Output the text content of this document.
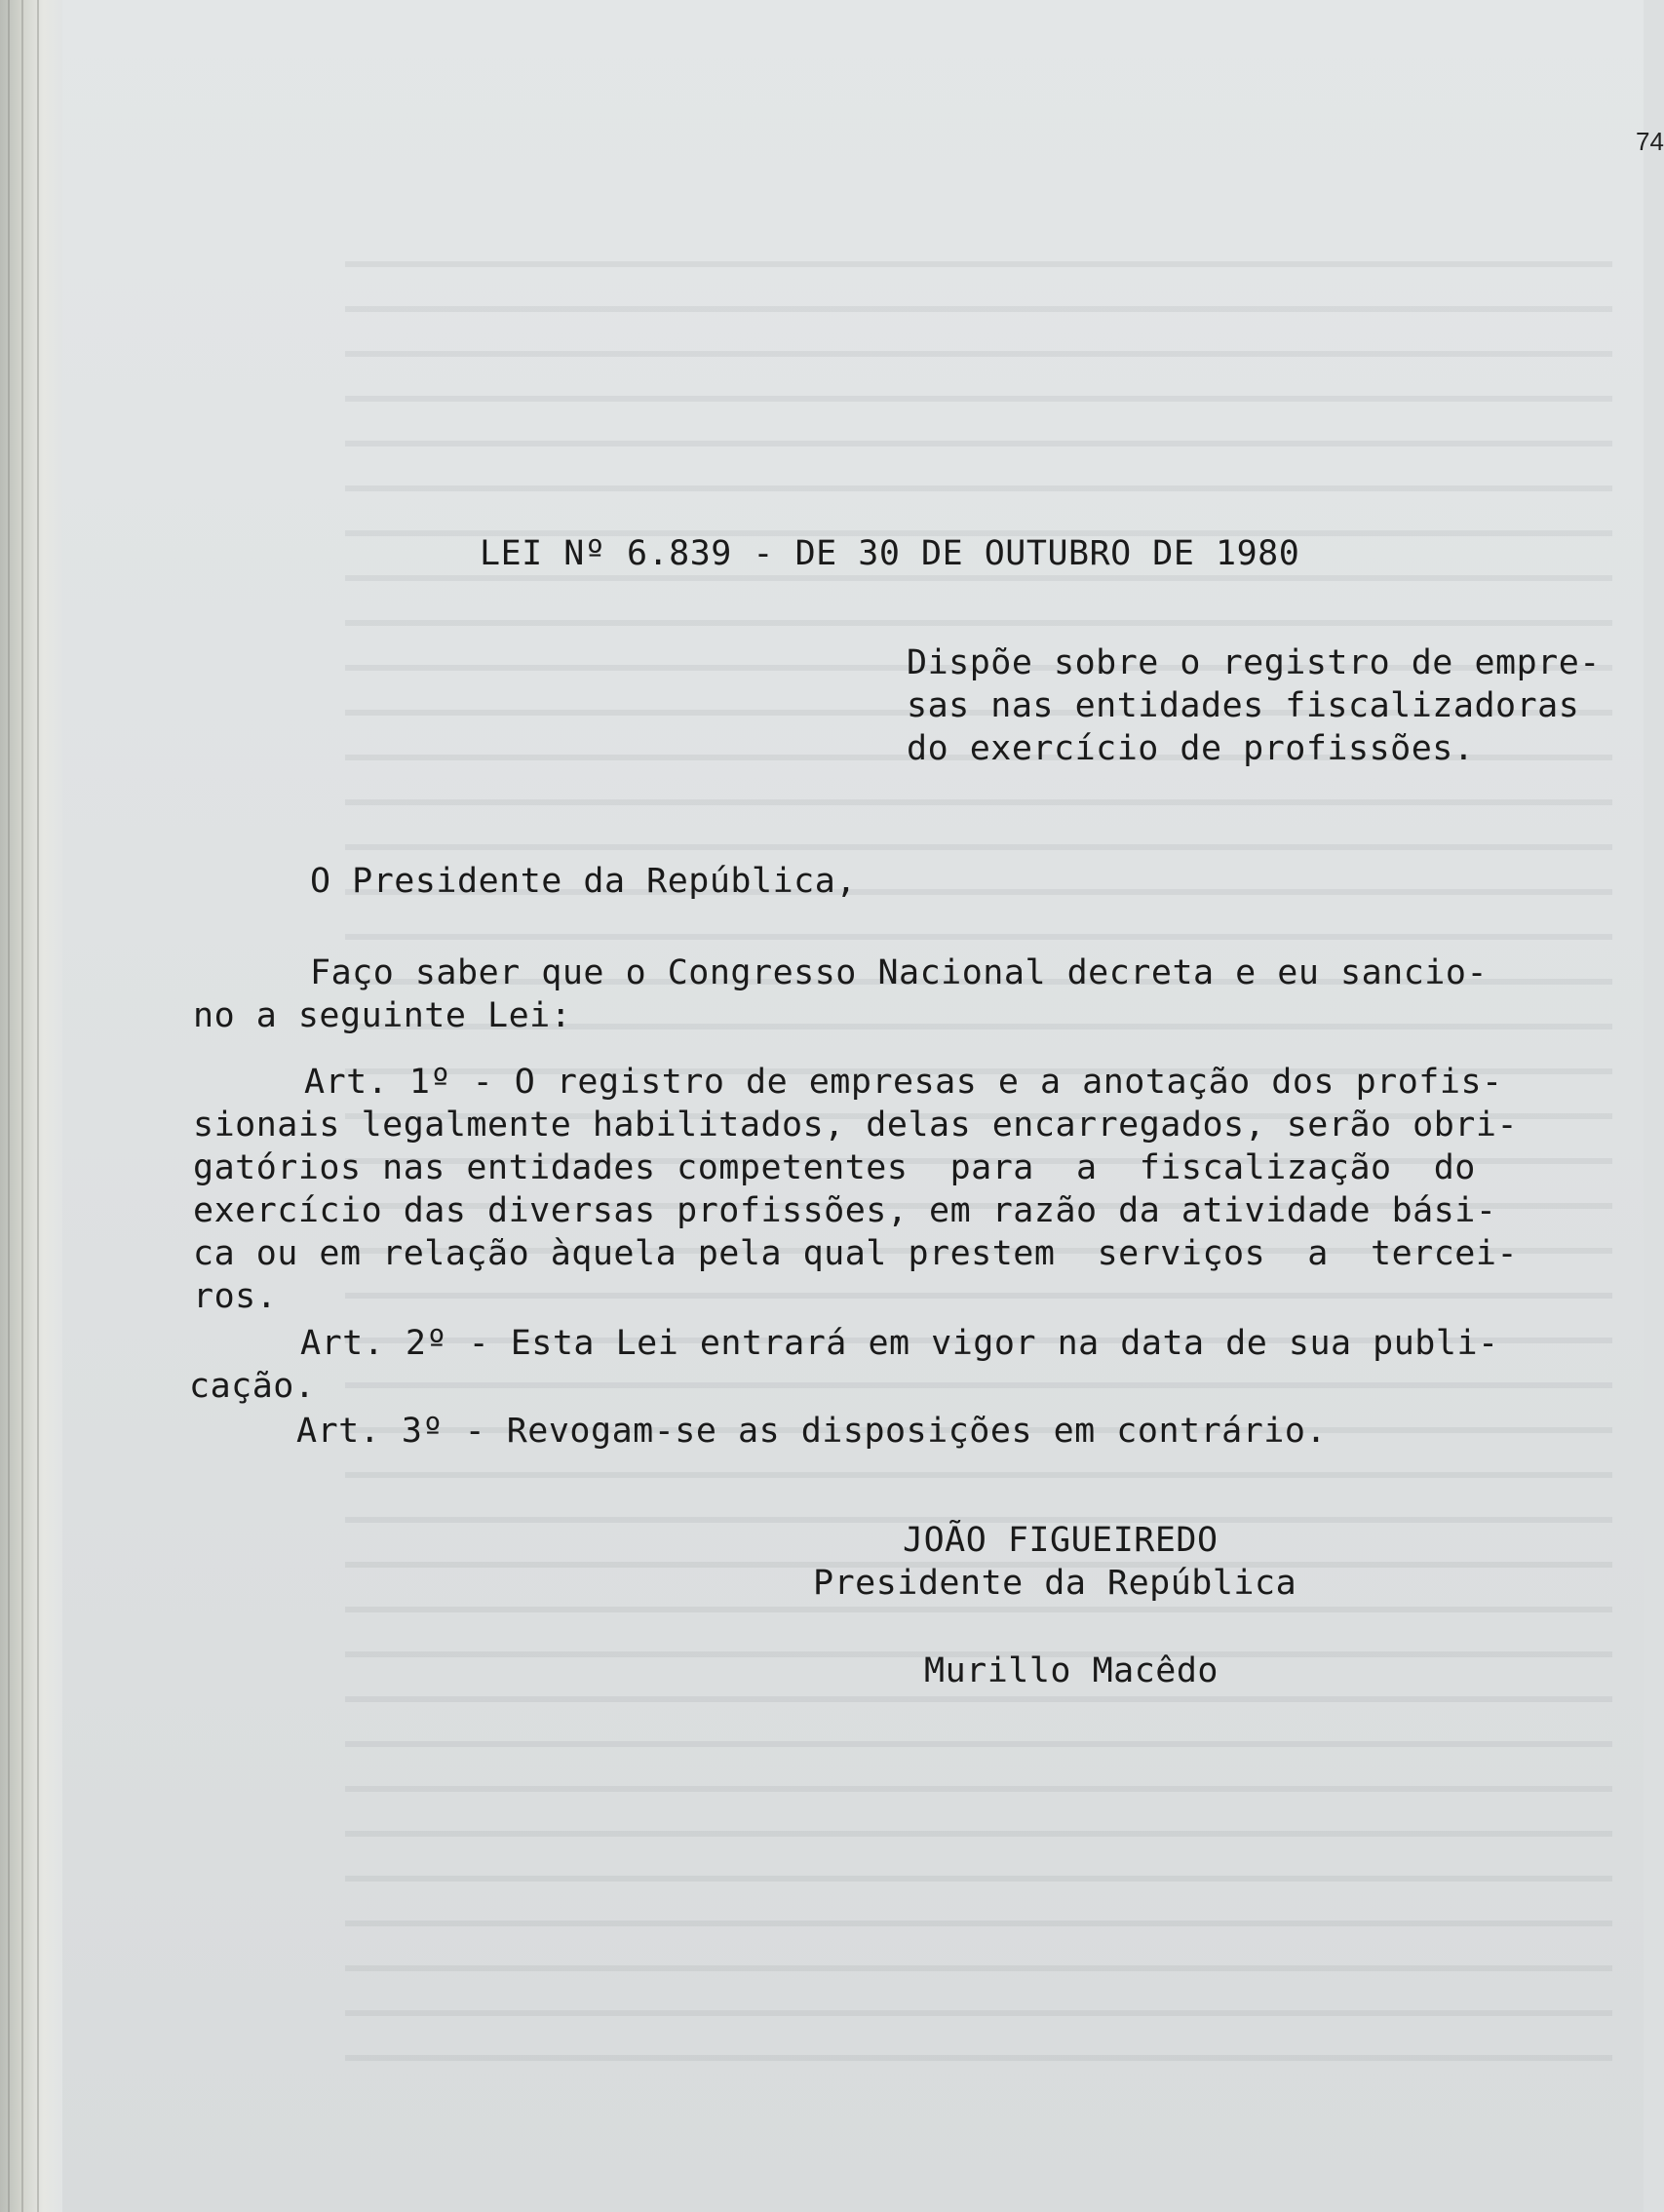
74
LEI Nº 6.839 - DE 30 DE OUTUBRO DE 1980
Dispõe sobre o registro de empre-
sas nas entidades fiscalizadoras
do exercício de profissões.
O Presidente da República,
Faço saber que o Congresso Nacional decreta e eu sancio-
no a seguinte Lei:
Art. 1º - O registro de empresas e a anotação dos profis-
sionais legalmente habilitados, delas encarregados, serão obri-
gatórios nas entidades competentes  para  a  fiscalização  do
exercício das diversas profissões, em razão da atividade bási-
ca ou em relação àquela pela qual prestem  serviços  a  tercei-
ros.
Art. 2º - Esta Lei entrará em vigor na data de sua publi-
cação.
Art. 3º - Revogam-se as disposições em contrário.
JOÃO FIGUEIREDO
Presidente da República
Murillo Macêdo
